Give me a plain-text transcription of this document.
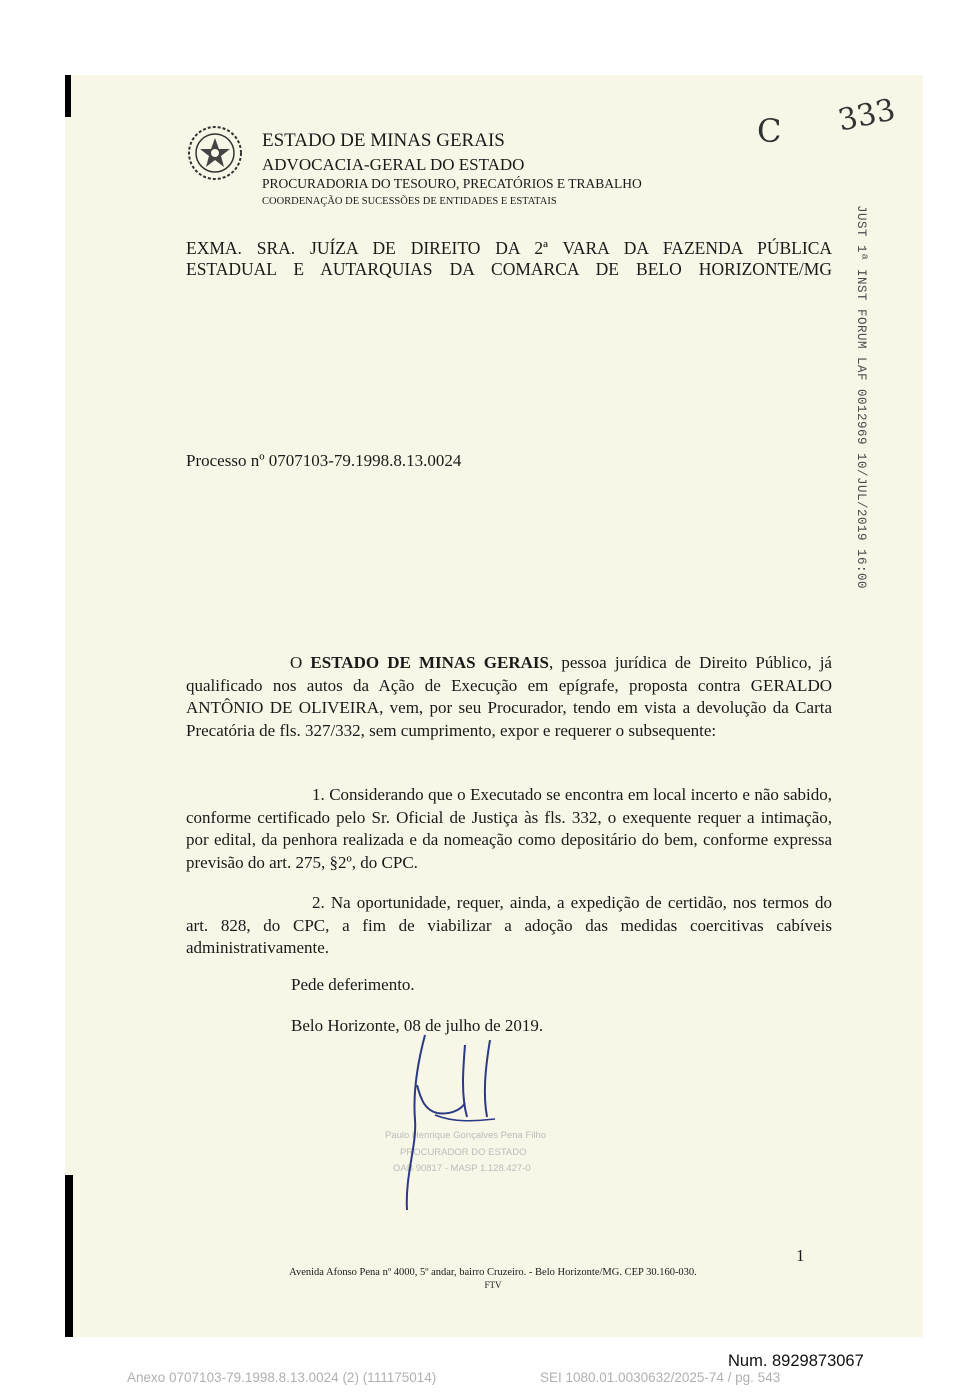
ESTADO DE MINAS GERAIS
ADVOCACIA-GERAL DO ESTADO
PROCURADORIA DO TESOURO, PRECATÓRIOS E TRABALHO
COORDENAÇÃO DE SUCESSÕES DE ENTIDADES E ESTATAIS
C 333
JUST 1ª INST FORUM LAF 0012969 10/JUL/2019 16:00
EXMA. SRA. JUÍZA DE DIREITO DA 2ª VARA DA FAZENDA PÚBLICA
ESTADUAL E AUTARQUIAS DA COMARCA DE BELO HORIZONTE/MG
Processo nº 0707103-79.1998.8.13.0024
O ESTADO DE MINAS GERAIS, pessoa jurídica de Direito Público, já qualificado nos autos da Ação de Execução em epígrafe, proposta contra GERALDO ANTÔNIO DE OLIVEIRA, vem, por seu Procurador, tendo em vista a devolução da Carta Precatória de fls. 327/332, sem cumprimento, expor e requerer o subsequente:
1. Considerando que o Executado se encontra em local incerto e não sabido, conforme certificado pelo Sr. Oficial de Justiça às fls. 332, o exequente requer a intimação, por edital, da penhora realizada e da nomeação como depositário do bem, conforme expressa previsão do art. 275, §2º, do CPC.
2. Na oportunidade, requer, ainda, a expedição de certidão, nos termos do art. 828, do CPC, a fim de viabilizar a adoção das medidas coercitivas cabíveis administrativamente.
Pede deferimento.
Belo Horizonte, 08 de julho de 2019.
Paulo Henrique Gonçalves Pena Filho
PROCURADOR DO ESTADO
OAB 90817 - MASP 1.128.427-0
1
Avenida Afonso Pena nº 4000, 5º andar, bairro Cruzeiro. - Belo Horizonte/MG. CEP 30.160-030.
FTV
Num. 8929873067
Anexo 0707103-79.1998.8.13.0024 (2) (111175014)	SEI 1080.01.0030632/2025-74 / pg. 543
